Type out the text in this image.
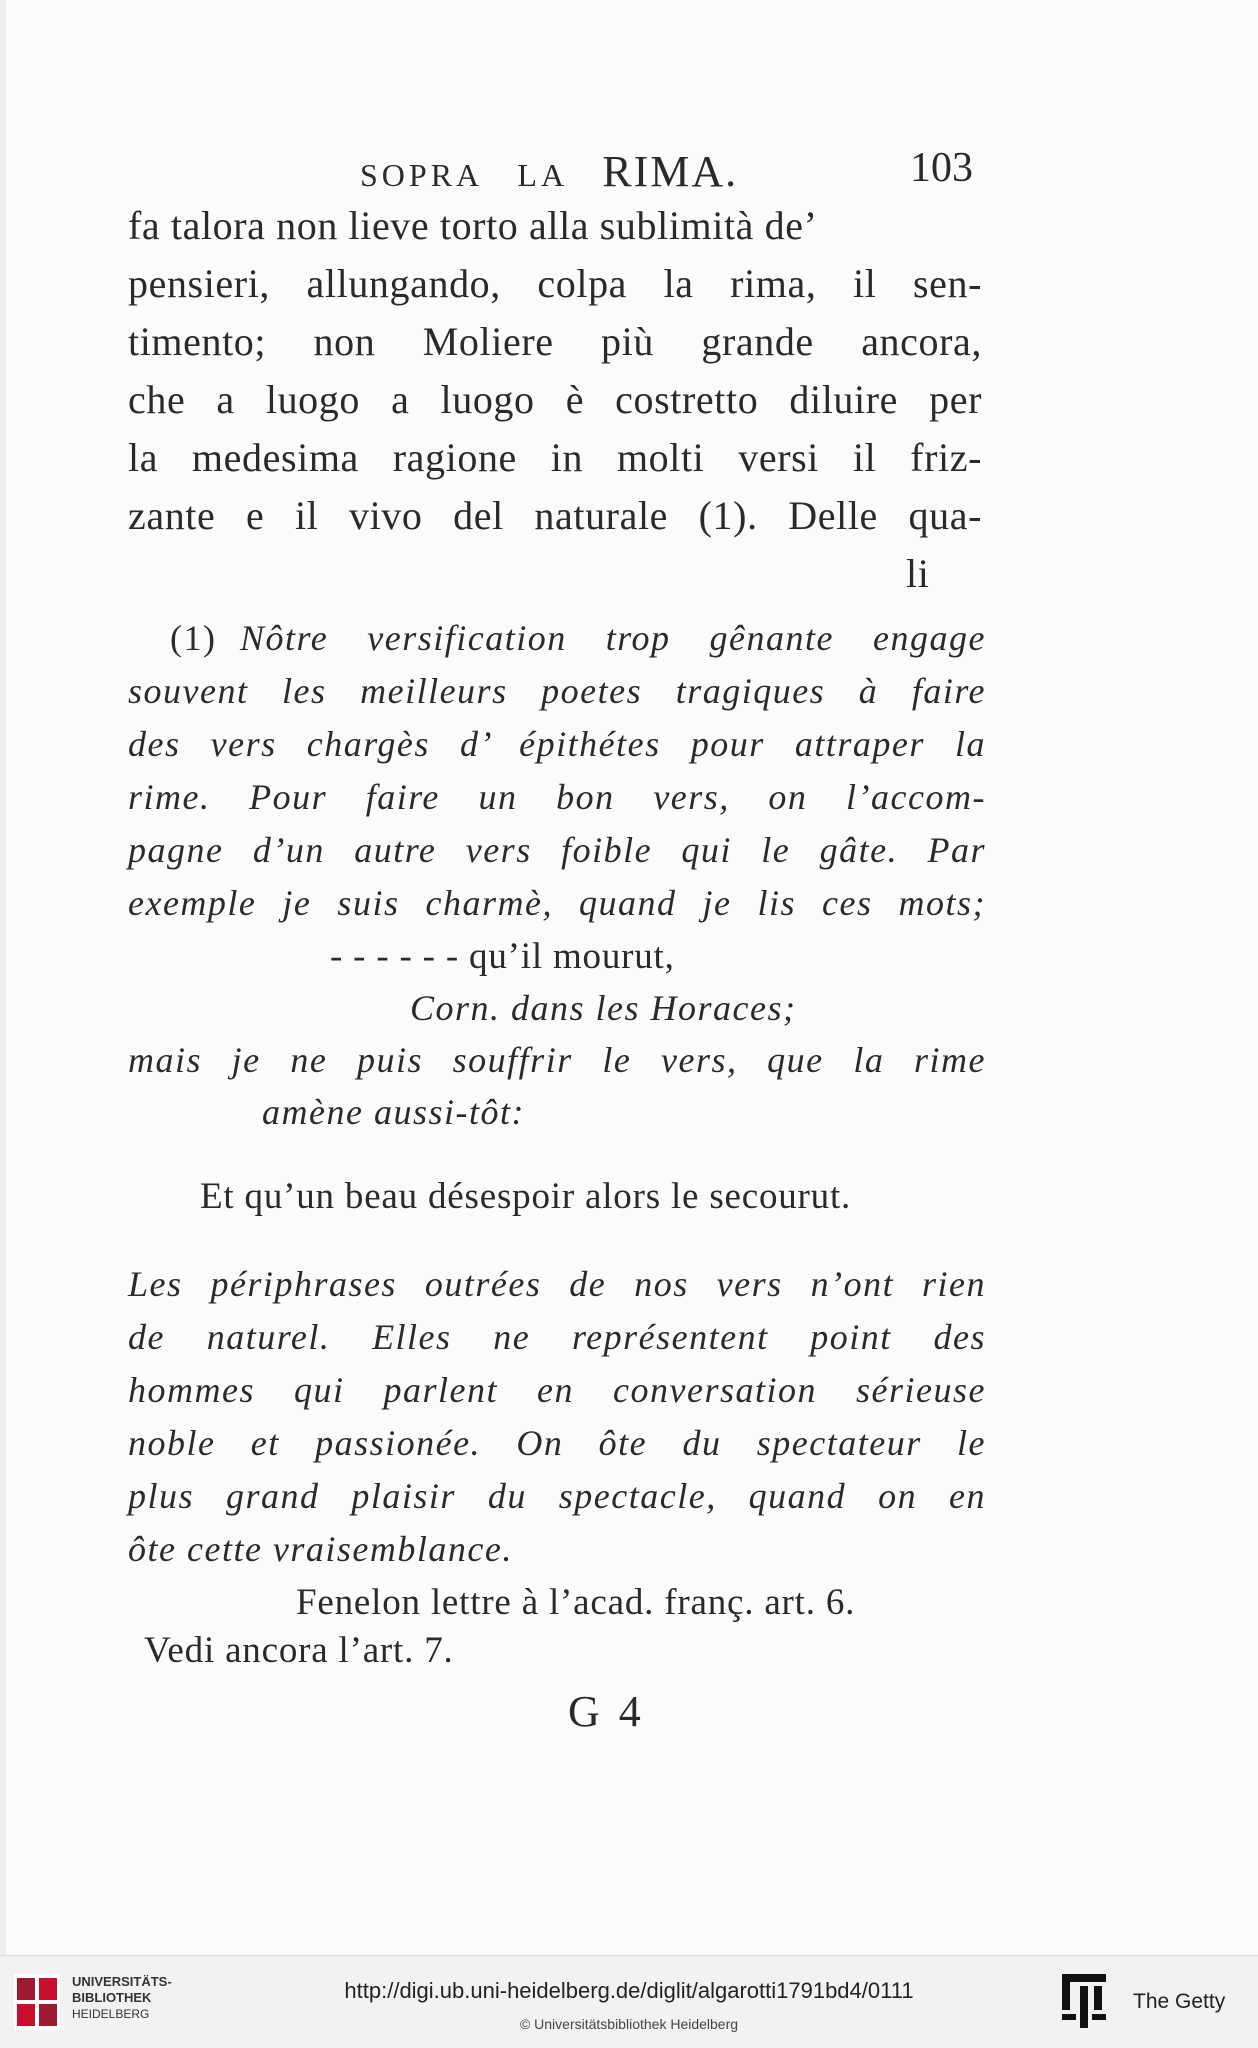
SOPRA LA RIMA.	103
fa talora non lieve torto alla sublimità de’
pensieri, allungando, colpa la rima, il sen-
timento; non Moliere più grande ancora,
che a luogo a luogo è costretto diluire per
la medesima ragione in molti versi il friz-
zante e il vivo del naturale (1). Delle qua-
li
(1) Nôtre versification trop gênante engage
souvent les meilleurs poetes tragiques à faire
des vers chargès d’ épithétes pour attraper la
rime. Pour faire un bon vers, on l’accom-
pagne d’un autre vers foible qui le gâte. Par
exemple je suis charmè, quand je lis ces mots;
- - - - - - qu’il mourut,
Corn. dans les Horaces;
mais je ne puis souffrir le vers, que la rime
amène aussi-tôt:
Et qu’un beau désespoir alors le secourut.
Les périphrases outrées de nos vers n’ont rien
de naturel. Elles ne représentent point des
hommes qui parlent en conversation sérieuse
noble et passionée. On ôte du spectateur le
plus grand plaisir du spectacle, quand on en
ôte cette vraisemblance.
Fenelon lettre à l’acad. franç. art. 6.
Vedi ancora l’art. 7.
G 4
UNIVERSITÄTS-
BIBLIOTHEK
HEIDELBERG
http://digi.ub.uni-heidelberg.de/diglit/algarotti1791bd4/0111
© Universitätsbibliothek Heidelberg
The Getty
